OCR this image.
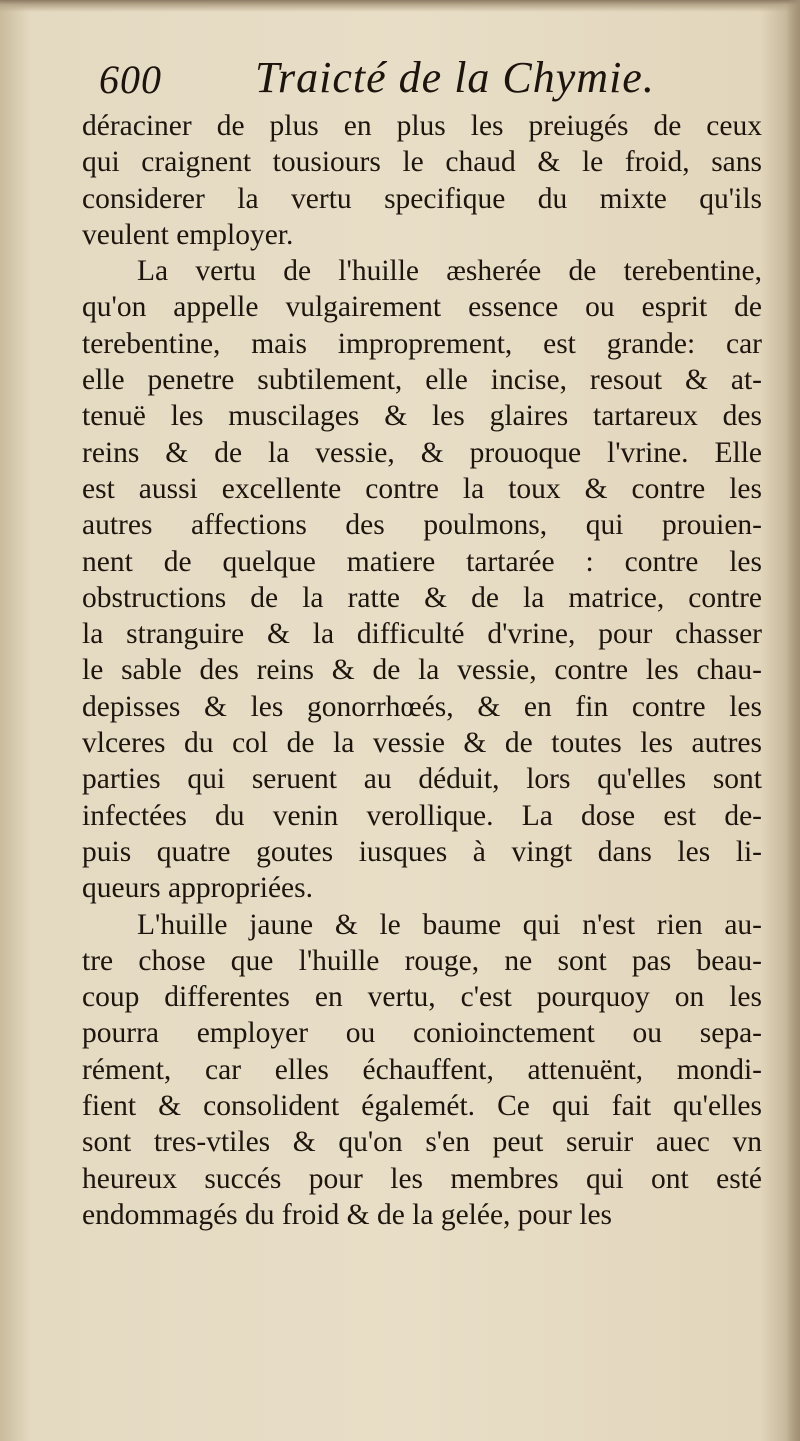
600 Traicté de la Chymie.
déraciner de plus en plus les preiugés de ceux
qui craignent tousiours le chaud & le froid, sans
considerer la vertu specifique du mixte qu'ils
veulent employer.
La vertu de l'huille æsherée de terebentine,
qu'on appelle vulgairement essence ou esprit de
terebentine, mais improprement, est grande: car
elle penetre subtilement, elle incise, resout & at-
tenuë les muscilages & les glaires tartareux des
reins & de la vessie, & prouoque l'vrine. Elle
est aussi excellente contre la toux & contre les
autres affections des poulmons, qui prouien-
nent de quelque matiere tartarée : contre les
obstructions de la ratte & de la matrice, contre
la stranguire & la difficulté d'vrine, pour chasser
le sable des reins & de la vessie, contre les chau-
depisses & les gonorrhœés, & en fin contre les
vlceres du col de la vessie & de toutes les autres
parties qui seruent au déduit, lors qu'elles sont
infectées du venin verollique. La dose est de-
puis quatre goutes iusques à vingt dans les li-
queurs appropriées.
L'huille jaune & le baume qui n'est rien au-
tre chose que l'huille rouge, ne sont pas beau-
coup differentes en vertu, c'est pourquoy on les
pourra employer ou conioinctement ou sepa-
rément, car elles échauffent, attenuënt, mondi-
fient & consolident égalemét. Ce qui fait qu'elles
sont tres-vtiles & qu'on s'en peut seruir auec vn
heureux succés pour les membres qui ont esté
endommagés du froid & de la gelée, pour les
